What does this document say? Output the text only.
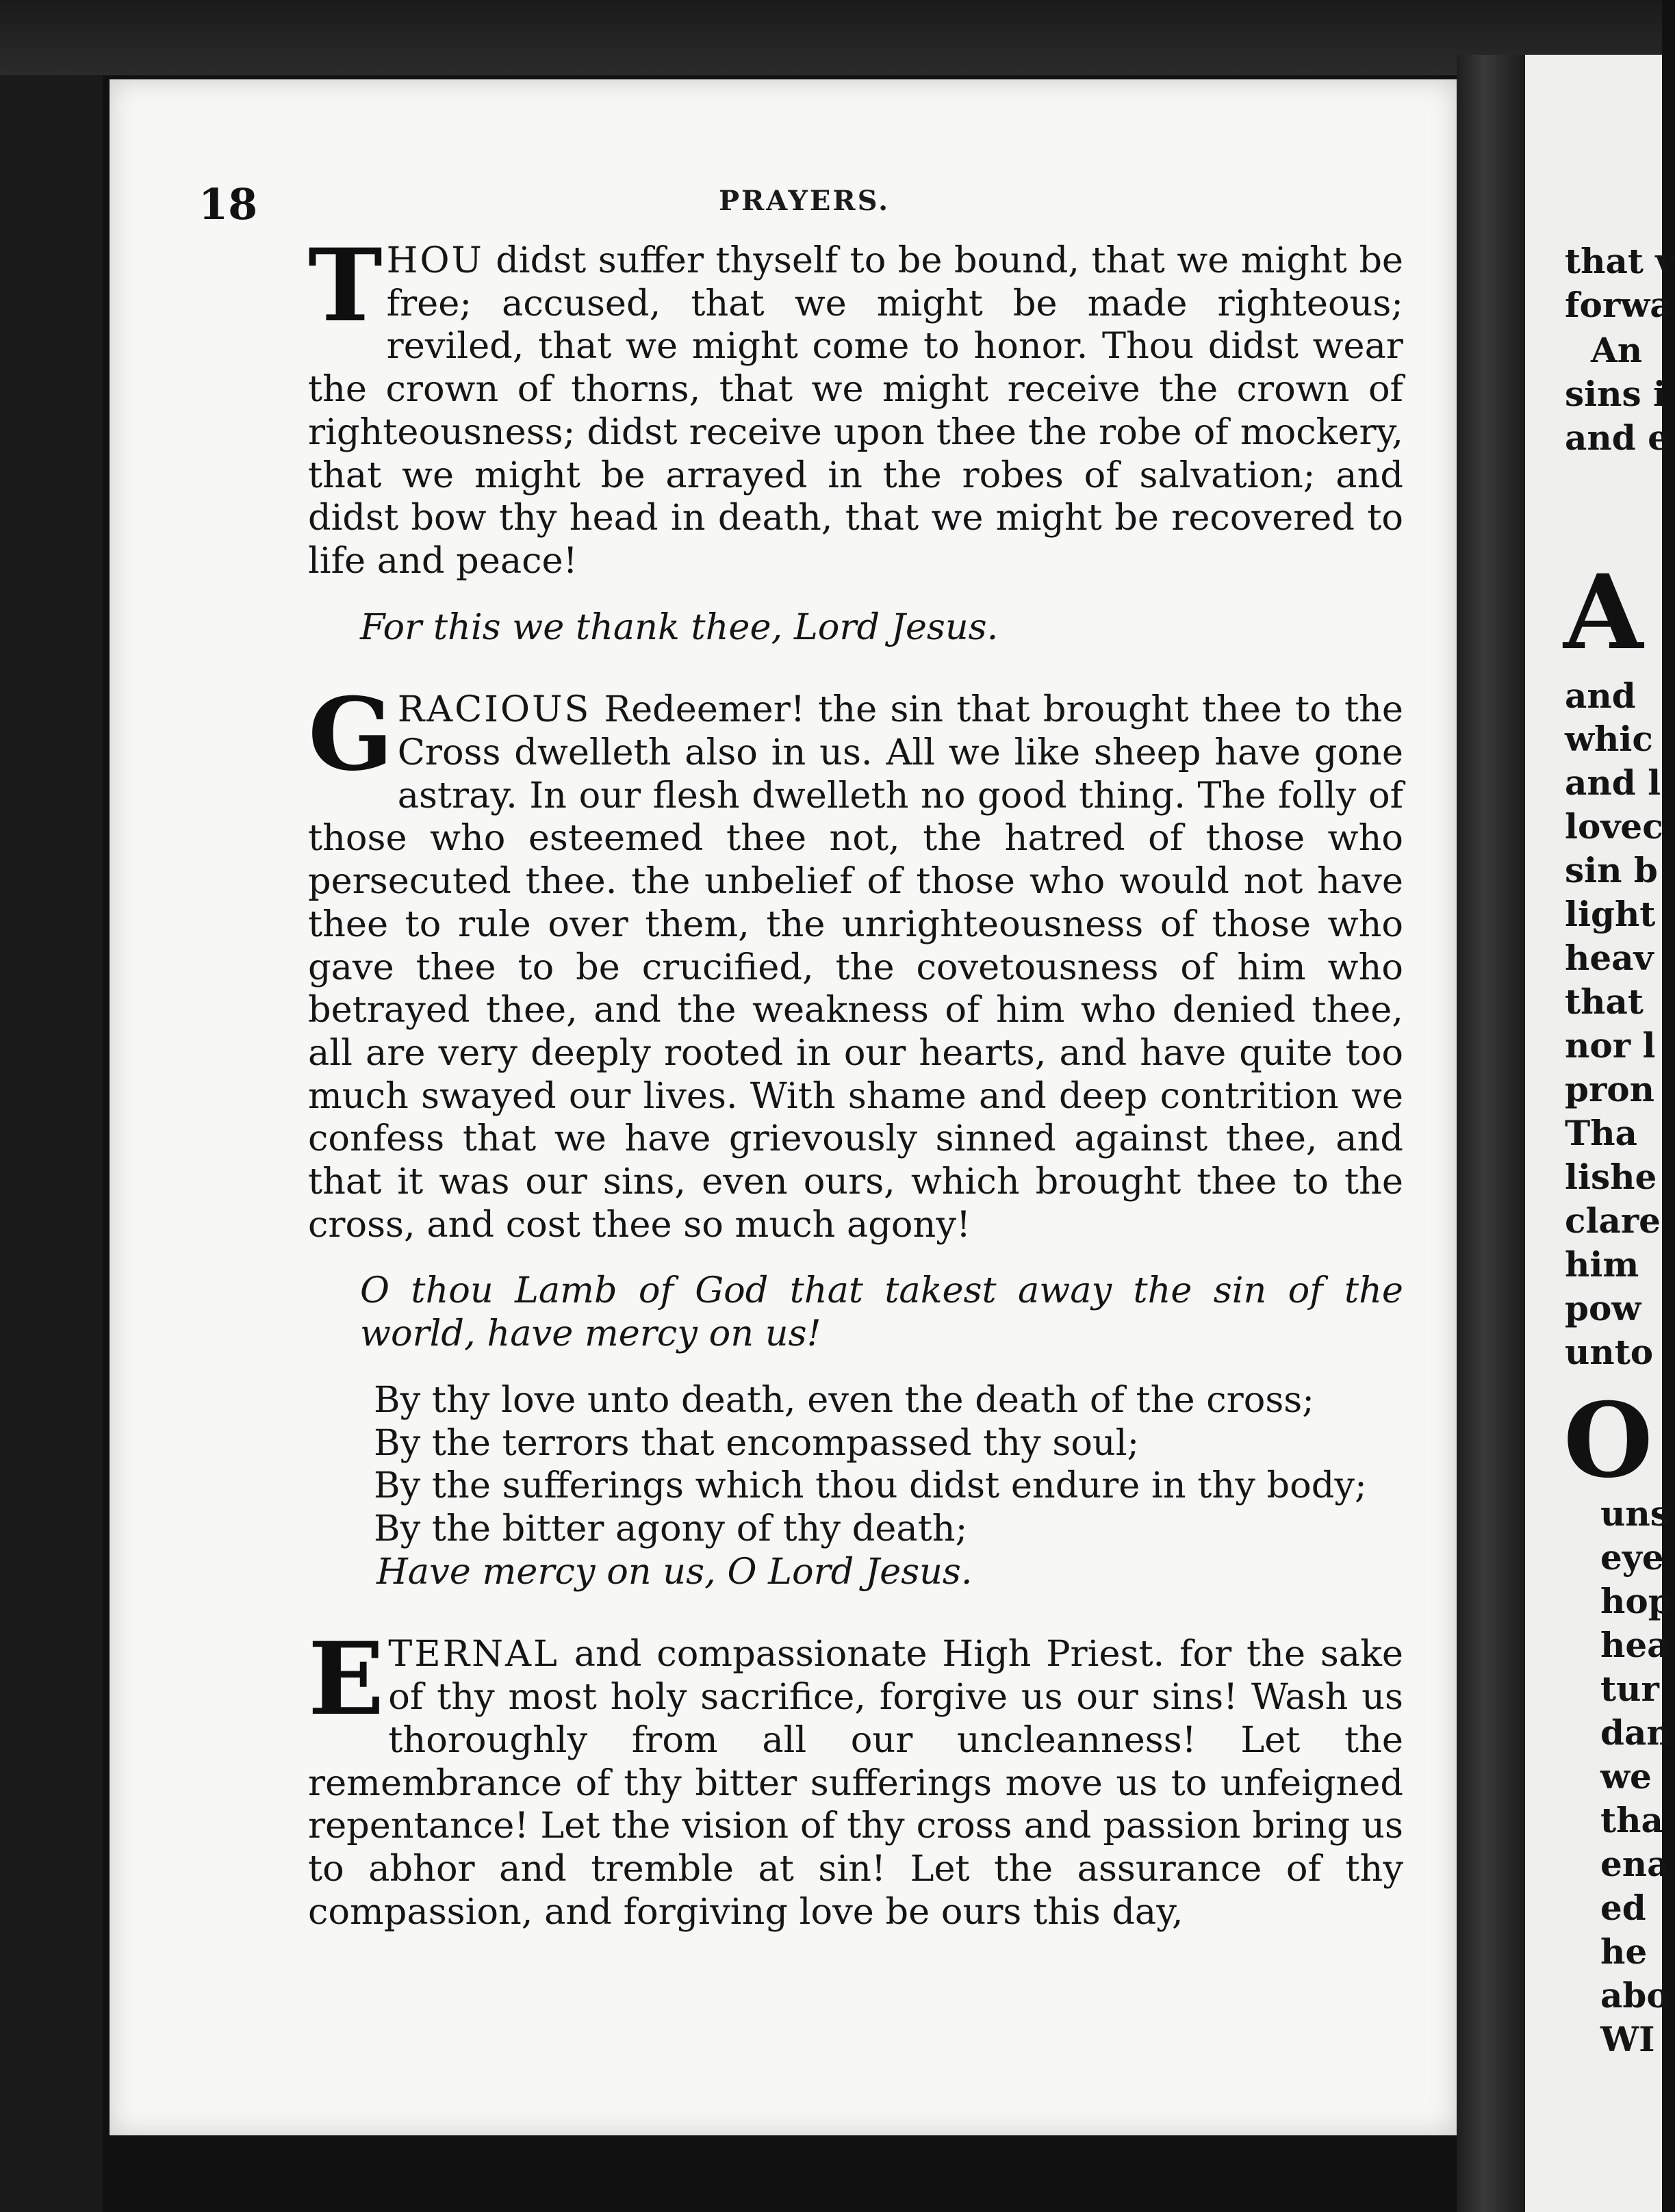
18	PRAYERS.

THOU didst suffer thyself to be bound, that we might be free; accused, that we might be made righteous; reviled, that we might come to honor. Thou didst wear the crown of thorns, that we might receive the crown of righteousness; didst receive upon thee the robe of mockery, that we might be arrayed in the robes of salvation; and didst bow thy head in death, that we might be recovered to life and peace!

For this we thank thee, Lord Jesus.

GRACIOUS Redeemer! the sin that brought thee to the Cross dwelleth also in us. All we like sheep have gone astray. In our flesh dwelleth no good thing. The folly of those who esteemed thee not, the hatred of those who persecuted thee. the unbelief of those who would not have thee to rule over them, the unrighteousness of those who gave thee to be crucified, the covetousness of him who betrayed thee, and the weakness of him who denied thee, all are very deeply rooted in our hearts, and have quite too much swayed our lives. With shame and deep contrition we confess that we have grievously sinned against thee, and that it was our sins, even ours, which brought thee to the cross, and cost thee so much agony!

O thou Lamb of God that takest away the sin of the world, have mercy on us!

By thy love unto death, even the death of the cross;
By the terrors that encompassed thy soul;
By the sufferings which thou didst endure in thy body;
By the bitter agony of thy death;
Have mercy on us, O Lord Jesus.

ETERNAL and compassionate High Priest. for the sake of thy most holy sacrifice, forgive us our sins! Wash us thoroughly from all our uncleanness! Let the remembrance of thy bitter sufferings move us to unfeigned repentance! Let the vision of thy cross and passion bring us to abhor and tremble at sin! Let the assurance of thy compassion, and forgiving love be ours this day,

that v
forwa
An
sins i
and e
A
and
whic
and l
lovec
sin b
light
heav
that
nor l
pron
Tha
lishe
clare
him
pow
unto
O
uns
eye
hop
hea
tur
dan
we
tha
ena
ed
he
abo
WI
